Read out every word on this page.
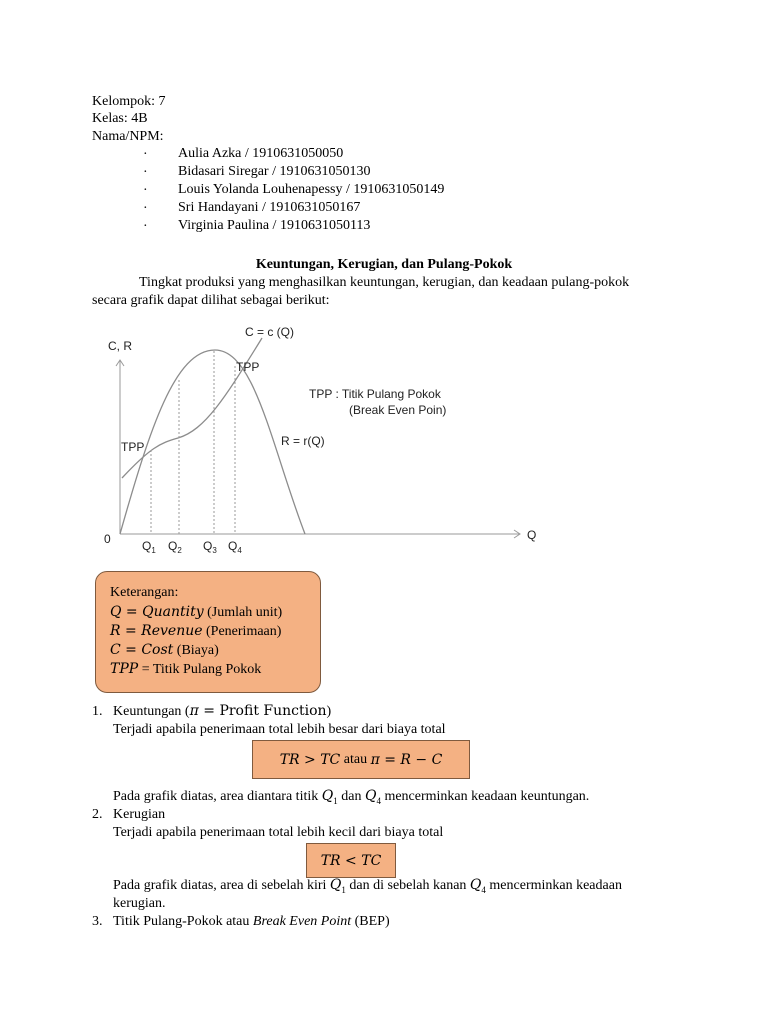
Kelompok: 7
Kelas: 4B
Nama/NPM:
· Aulia Azka / 1910631050050
· Bidasari Siregar / 1910631050130
· Louis Yolanda Louhenapessy / 1910631050149
· Sri Handayani / 1910631050167
· Virginia Paulina / 1910631050113
Keuntungan, Kerugian, dan Pulang-Pokok
Tingkat produksi yang menghasilkan keuntungan, kerugian, dan keadaan pulang-pokok
secara grafik dapat dilihat sebagai berikut:
C, R
C = c (Q)
TPP
TPP : Titik Pulang Pokok
(Break Even Poin)
R = r(Q)
TPP
0	Q
$Q_1$ $Q_2$ $Q_3$ $Q_4$
Keterangan:
Q = Quantity (Jumlah unit)
R = Revenue (Penerimaan)
C = Cost (Biaya)
TPP = Titik Pulang Pokok
1. Keuntungan (π = Profit Function)
Terjadi apabila penerimaan total lebih besar dari biaya total
TR > TC atau π = R − C
Pada grafik diatas, area diantara titik $Q_1$ dan $Q_4$ mencerminkan keadaan keuntungan.
2. Kerugian
Terjadi apabila penerimaan total lebih kecil dari biaya total
TR < TC
Pada grafik diatas, area di sebelah kiri $Q_1$ dan di sebelah kanan $Q_4$ mencerminkan keadaan
kerugian.
3. Titik Pulang-Pokok atau Break Even Point (BEP)
